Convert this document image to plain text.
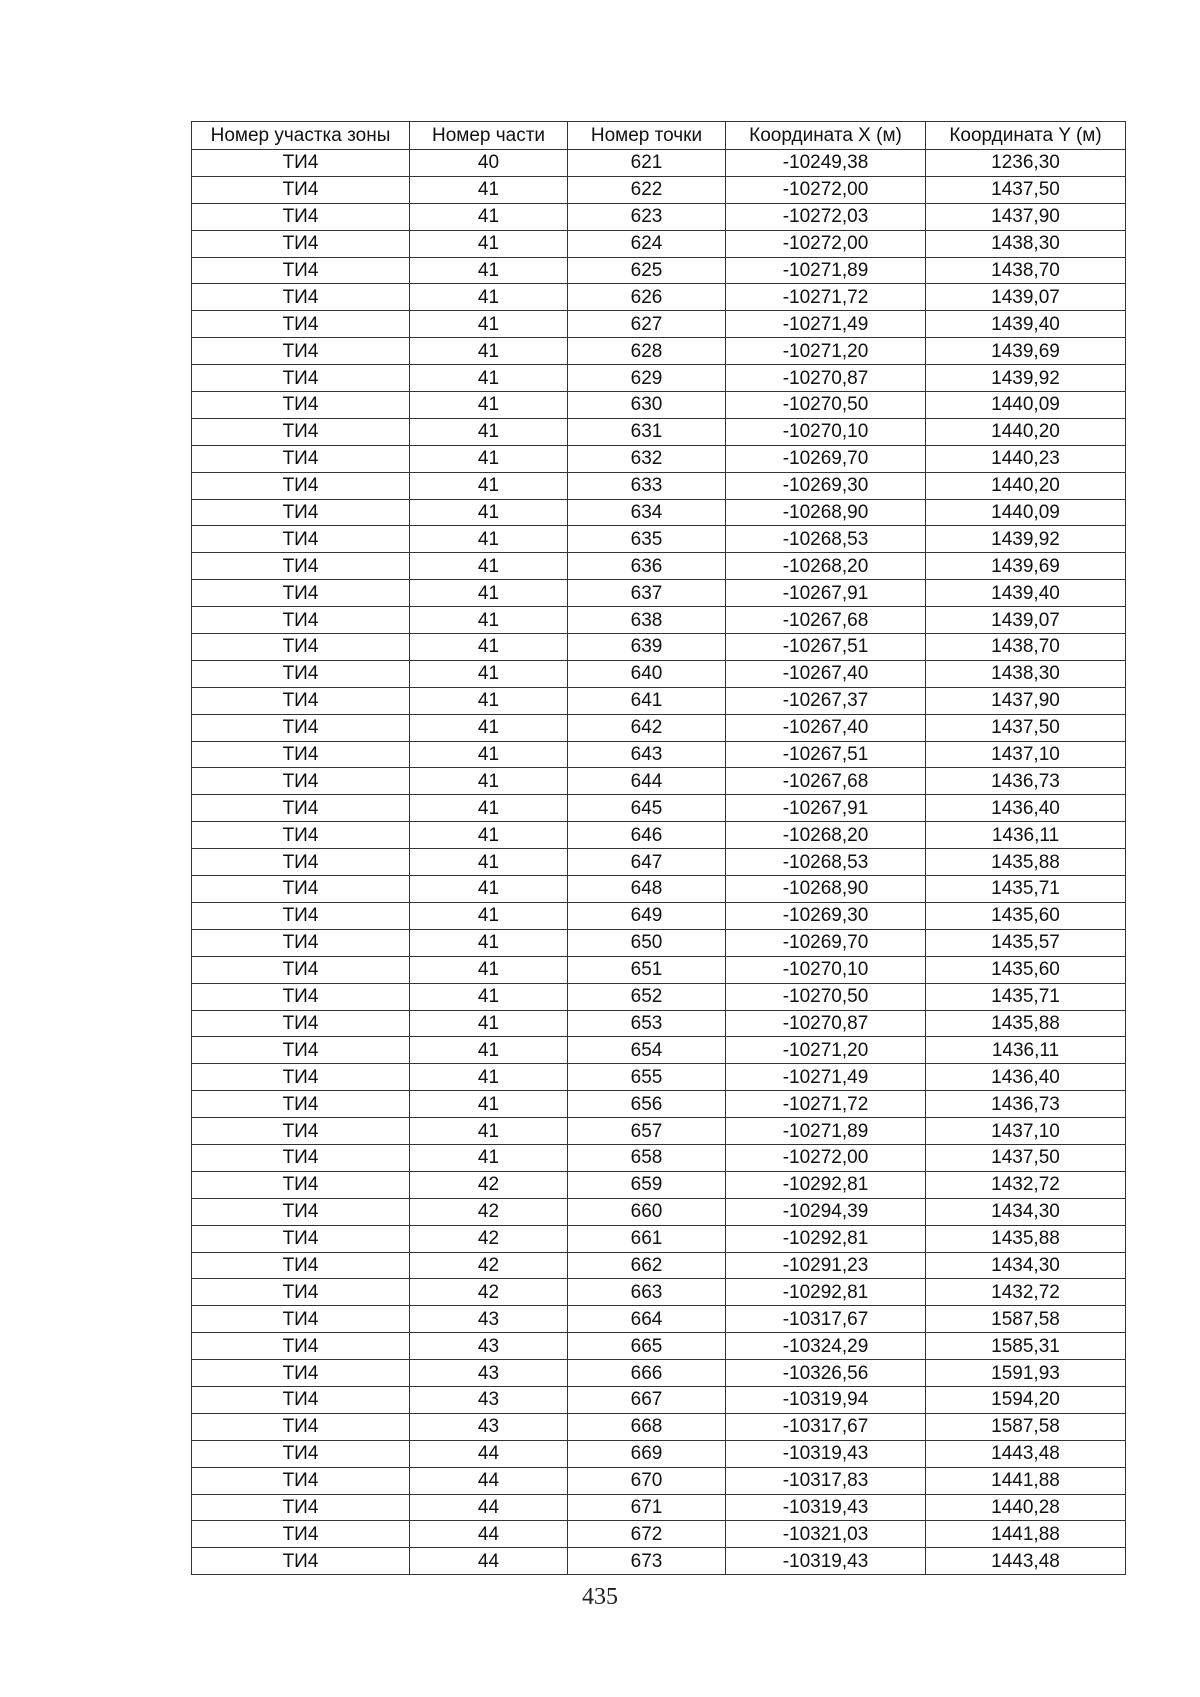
Номер участка зоны	Номер части	Номер точки	Координата X (м)	Координата Y (м)
ТИ4	40	621	-10249,38	1236,30
ТИ4	41	622	-10272,00	1437,50
ТИ4	41	623	-10272,03	1437,90
ТИ4	41	624	-10272,00	1438,30
ТИ4	41	625	-10271,89	1438,70
ТИ4	41	626	-10271,72	1439,07
ТИ4	41	627	-10271,49	1439,40
ТИ4	41	628	-10271,20	1439,69
ТИ4	41	629	-10270,87	1439,92
ТИ4	41	630	-10270,50	1440,09
ТИ4	41	631	-10270,10	1440,20
ТИ4	41	632	-10269,70	1440,23
ТИ4	41	633	-10269,30	1440,20
ТИ4	41	634	-10268,90	1440,09
ТИ4	41	635	-10268,53	1439,92
ТИ4	41	636	-10268,20	1439,69
ТИ4	41	637	-10267,91	1439,40
ТИ4	41	638	-10267,68	1439,07
ТИ4	41	639	-10267,51	1438,70
ТИ4	41	640	-10267,40	1438,30
ТИ4	41	641	-10267,37	1437,90
ТИ4	41	642	-10267,40	1437,50
ТИ4	41	643	-10267,51	1437,10
ТИ4	41	644	-10267,68	1436,73
ТИ4	41	645	-10267,91	1436,40
ТИ4	41	646	-10268,20	1436,11
ТИ4	41	647	-10268,53	1435,88
ТИ4	41	648	-10268,90	1435,71
ТИ4	41	649	-10269,30	1435,60
ТИ4	41	650	-10269,70	1435,57
ТИ4	41	651	-10270,10	1435,60
ТИ4	41	652	-10270,50	1435,71
ТИ4	41	653	-10270,87	1435,88
ТИ4	41	654	-10271,20	1436,11
ТИ4	41	655	-10271,49	1436,40
ТИ4	41	656	-10271,72	1436,73
ТИ4	41	657	-10271,89	1437,10
ТИ4	41	658	-10272,00	1437,50
ТИ4	42	659	-10292,81	1432,72
ТИ4	42	660	-10294,39	1434,30
ТИ4	42	661	-10292,81	1435,88
ТИ4	42	662	-10291,23	1434,30
ТИ4	42	663	-10292,81	1432,72
ТИ4	43	664	-10317,67	1587,58
ТИ4	43	665	-10324,29	1585,31
ТИ4	43	666	-10326,56	1591,93
ТИ4	43	667	-10319,94	1594,20
ТИ4	43	668	-10317,67	1587,58
ТИ4	44	669	-10319,43	1443,48
ТИ4	44	670	-10317,83	1441,88
ТИ4	44	671	-10319,43	1440,28
ТИ4	44	672	-10321,03	1441,88
ТИ4	44	673	-10319,43	1443,48
435
